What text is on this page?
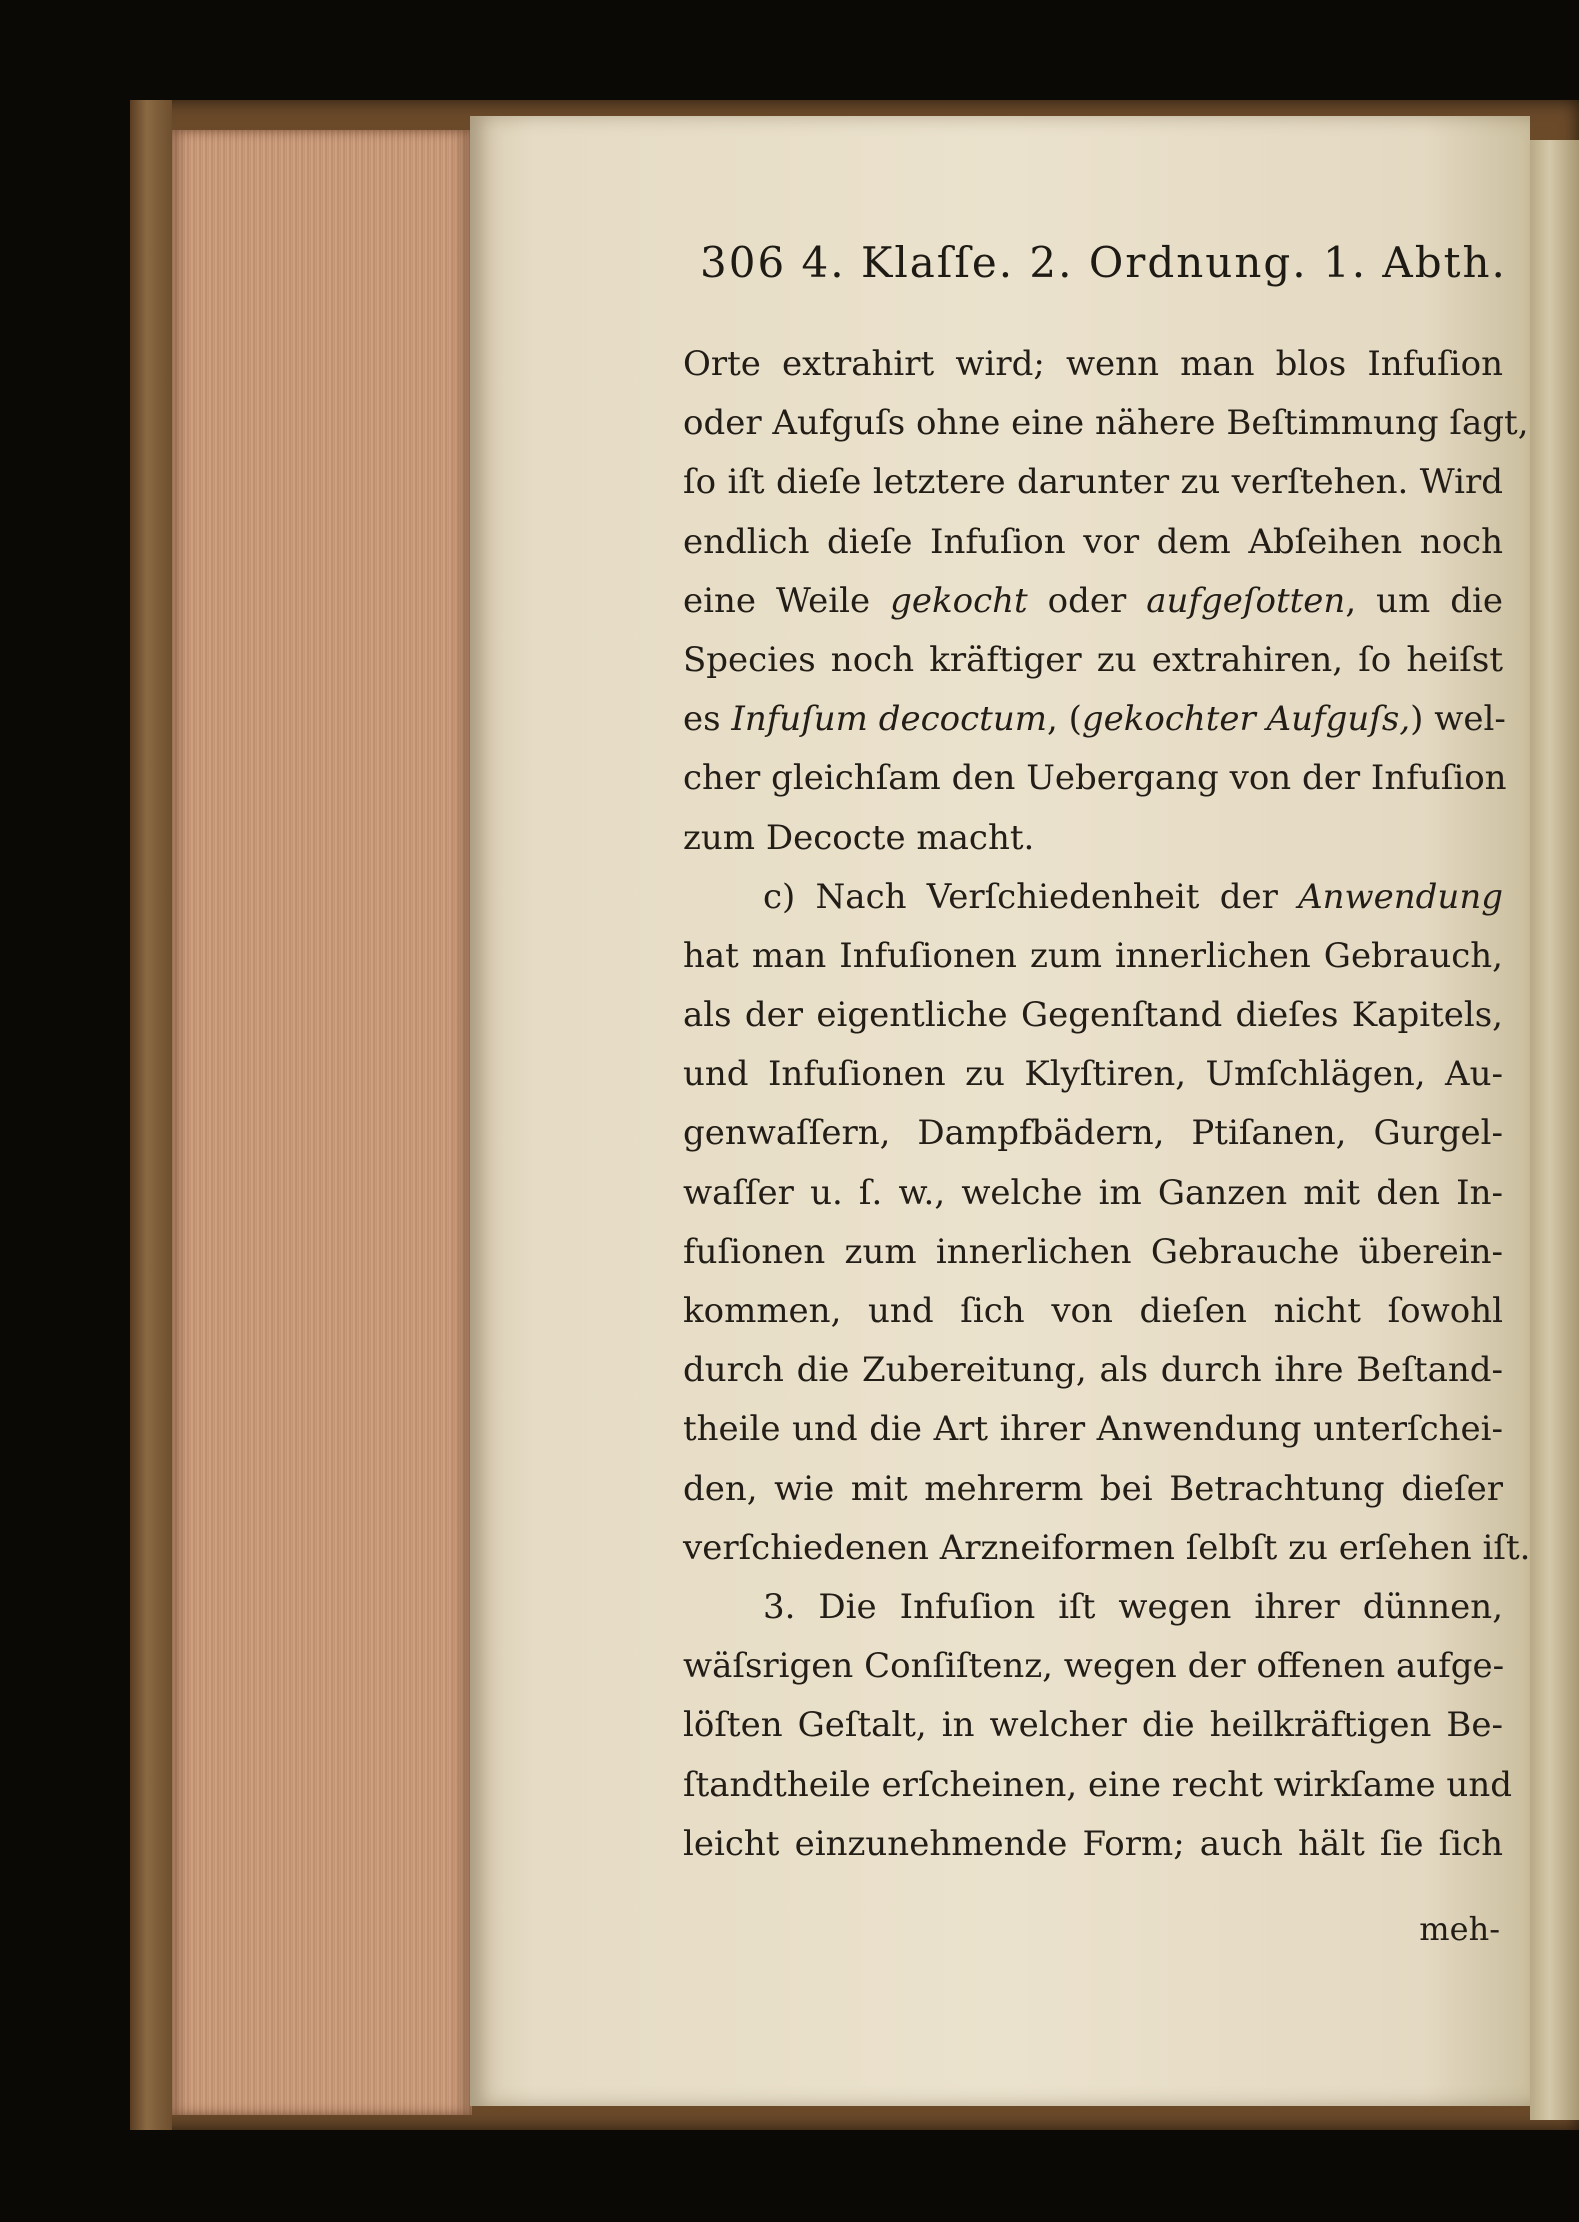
306 4. Klaſſe. 2. Ordnung. 1. Abth.
Orte extrahirt wird; wenn man blos Infuſion
oder Aufguſs ohne eine nähere Beſtimmung ſagt,
ſo iſt dieſe letztere darunter zu verſtehen. Wird
endlich dieſe Infuſion vor dem Abſeihen noch
eine Weile gekocht oder aufgeſotten, um die
Species noch kräftiger zu extrahiren, ſo heiſst
es Infuſum decoctum, (gekochter Aufguſs,) wel-
cher gleichſam den Uebergang von der Infuſion
zum Decocte macht.
c) Nach Verſchiedenheit der Anwendung
hat man Infuſionen zum innerlichen Gebrauch,
als der eigentliche Gegenſtand dieſes Kapitels,
und Infuſionen zu Klyſtiren, Umſchlägen, Au-
genwaſſern, Dampfbädern, Ptiſanen, Gurgel-
waſſer u. ſ. w., welche im Ganzen mit den In-
fuſionen zum innerlichen Gebrauche überein-
kommen, und ſich von dieſen nicht ſowohl
durch die Zubereitung, als durch ihre Beſtand-
theile und die Art ihrer Anwendung unterſchei-
den, wie mit mehrerm bei Betrachtung dieſer
verſchiedenen Arzneiformen ſelbſt zu erſehen iſt.
3. Die Infuſion iſt wegen ihrer dünnen,
wäſsrigen Conſiſtenz, wegen der offenen aufge-
löſten Geſtalt, in welcher die heilkräftigen Be-
ſtandtheile erſcheinen, eine recht wirkſame und
leicht einzunehmende Form; auch hält ſie ſich
meh-
